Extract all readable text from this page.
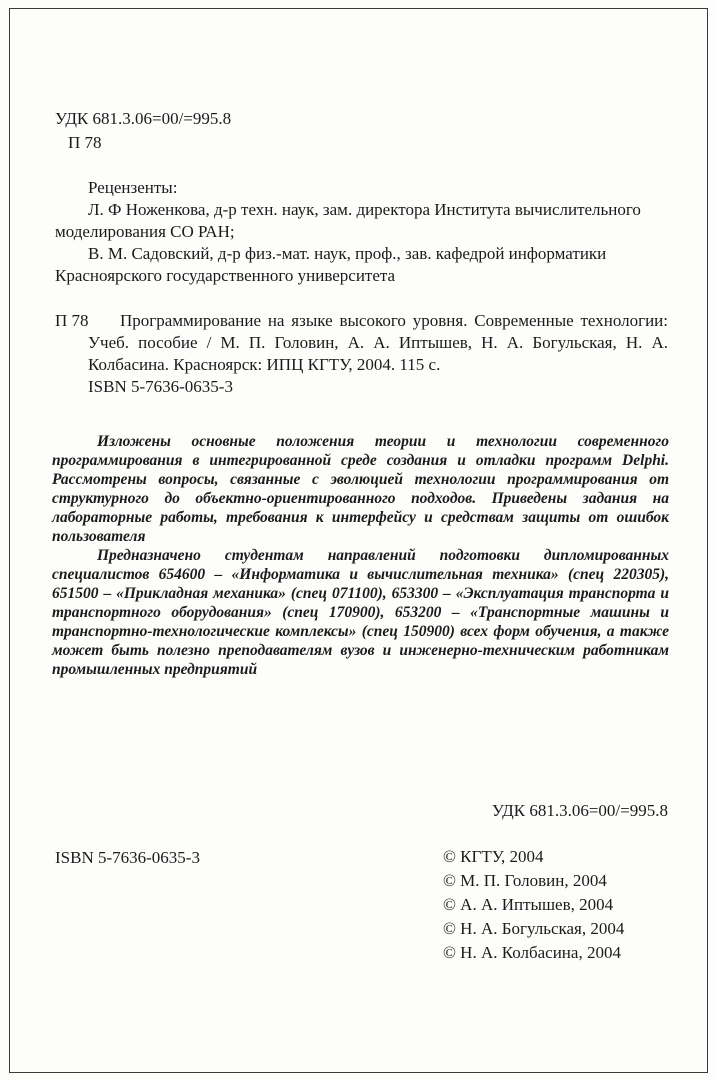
УДК 681.3.06=00/=995.8
П 78
Рецензенты:

Л. Ф Ноженкова, д-р техн. наук, зам. директора Института вычислительного моделирования СО РАН;

В. М. Садовский, д-р физ.-мат. наук, проф., зав. кафедрой информатики Красноярского государственного университета

П 78	Программирование на языке высокого уровня. Современные технологии: Учеб. пособие / М. П. Головин, А. А. Иптышев, Н. А. Богульская, Н. А. Колбасина. Красноярск: ИПЦ КГТУ, 2004. 115 с.

ISBN 5-7636-0635-3

Изложены основные положения теории и технологии современного программирования в интегрированной среде создания и отладки программ Delphi. Рассмотрены вопросы, связанные с эволюцией технологии программирования от структурного до объектно-ориентированного подходов. Приведены задания на лабораторные работы, требования к интерфейсу и средствам защиты от ошибок пользователя

Предназначено студентам направлений подготовки дипломированных специалистов 654600 – «Информатика и вычислительная техника» (спец 220305), 651500 – «Прикладная механика» (спец 071100), 653300 – «Эксплуатация транспорта и транспортного оборудования» (спец 170900), 653200 – «Транспортные машины и транспортно-технологические комплексы» (спец 150900) всех форм обучения, а также может быть полезно преподавателям вузов и инженерно-техническим работникам промышленных предприятий

УДК 681.3.06=00/=995.8
ISBN 5-7636-0635-3	© КГТУ, 2004
© М. П. Головин, 2004
© А. А. Иптышев, 2004
© Н. А. Богульская, 2004
© Н. А. Колбасина, 2004
